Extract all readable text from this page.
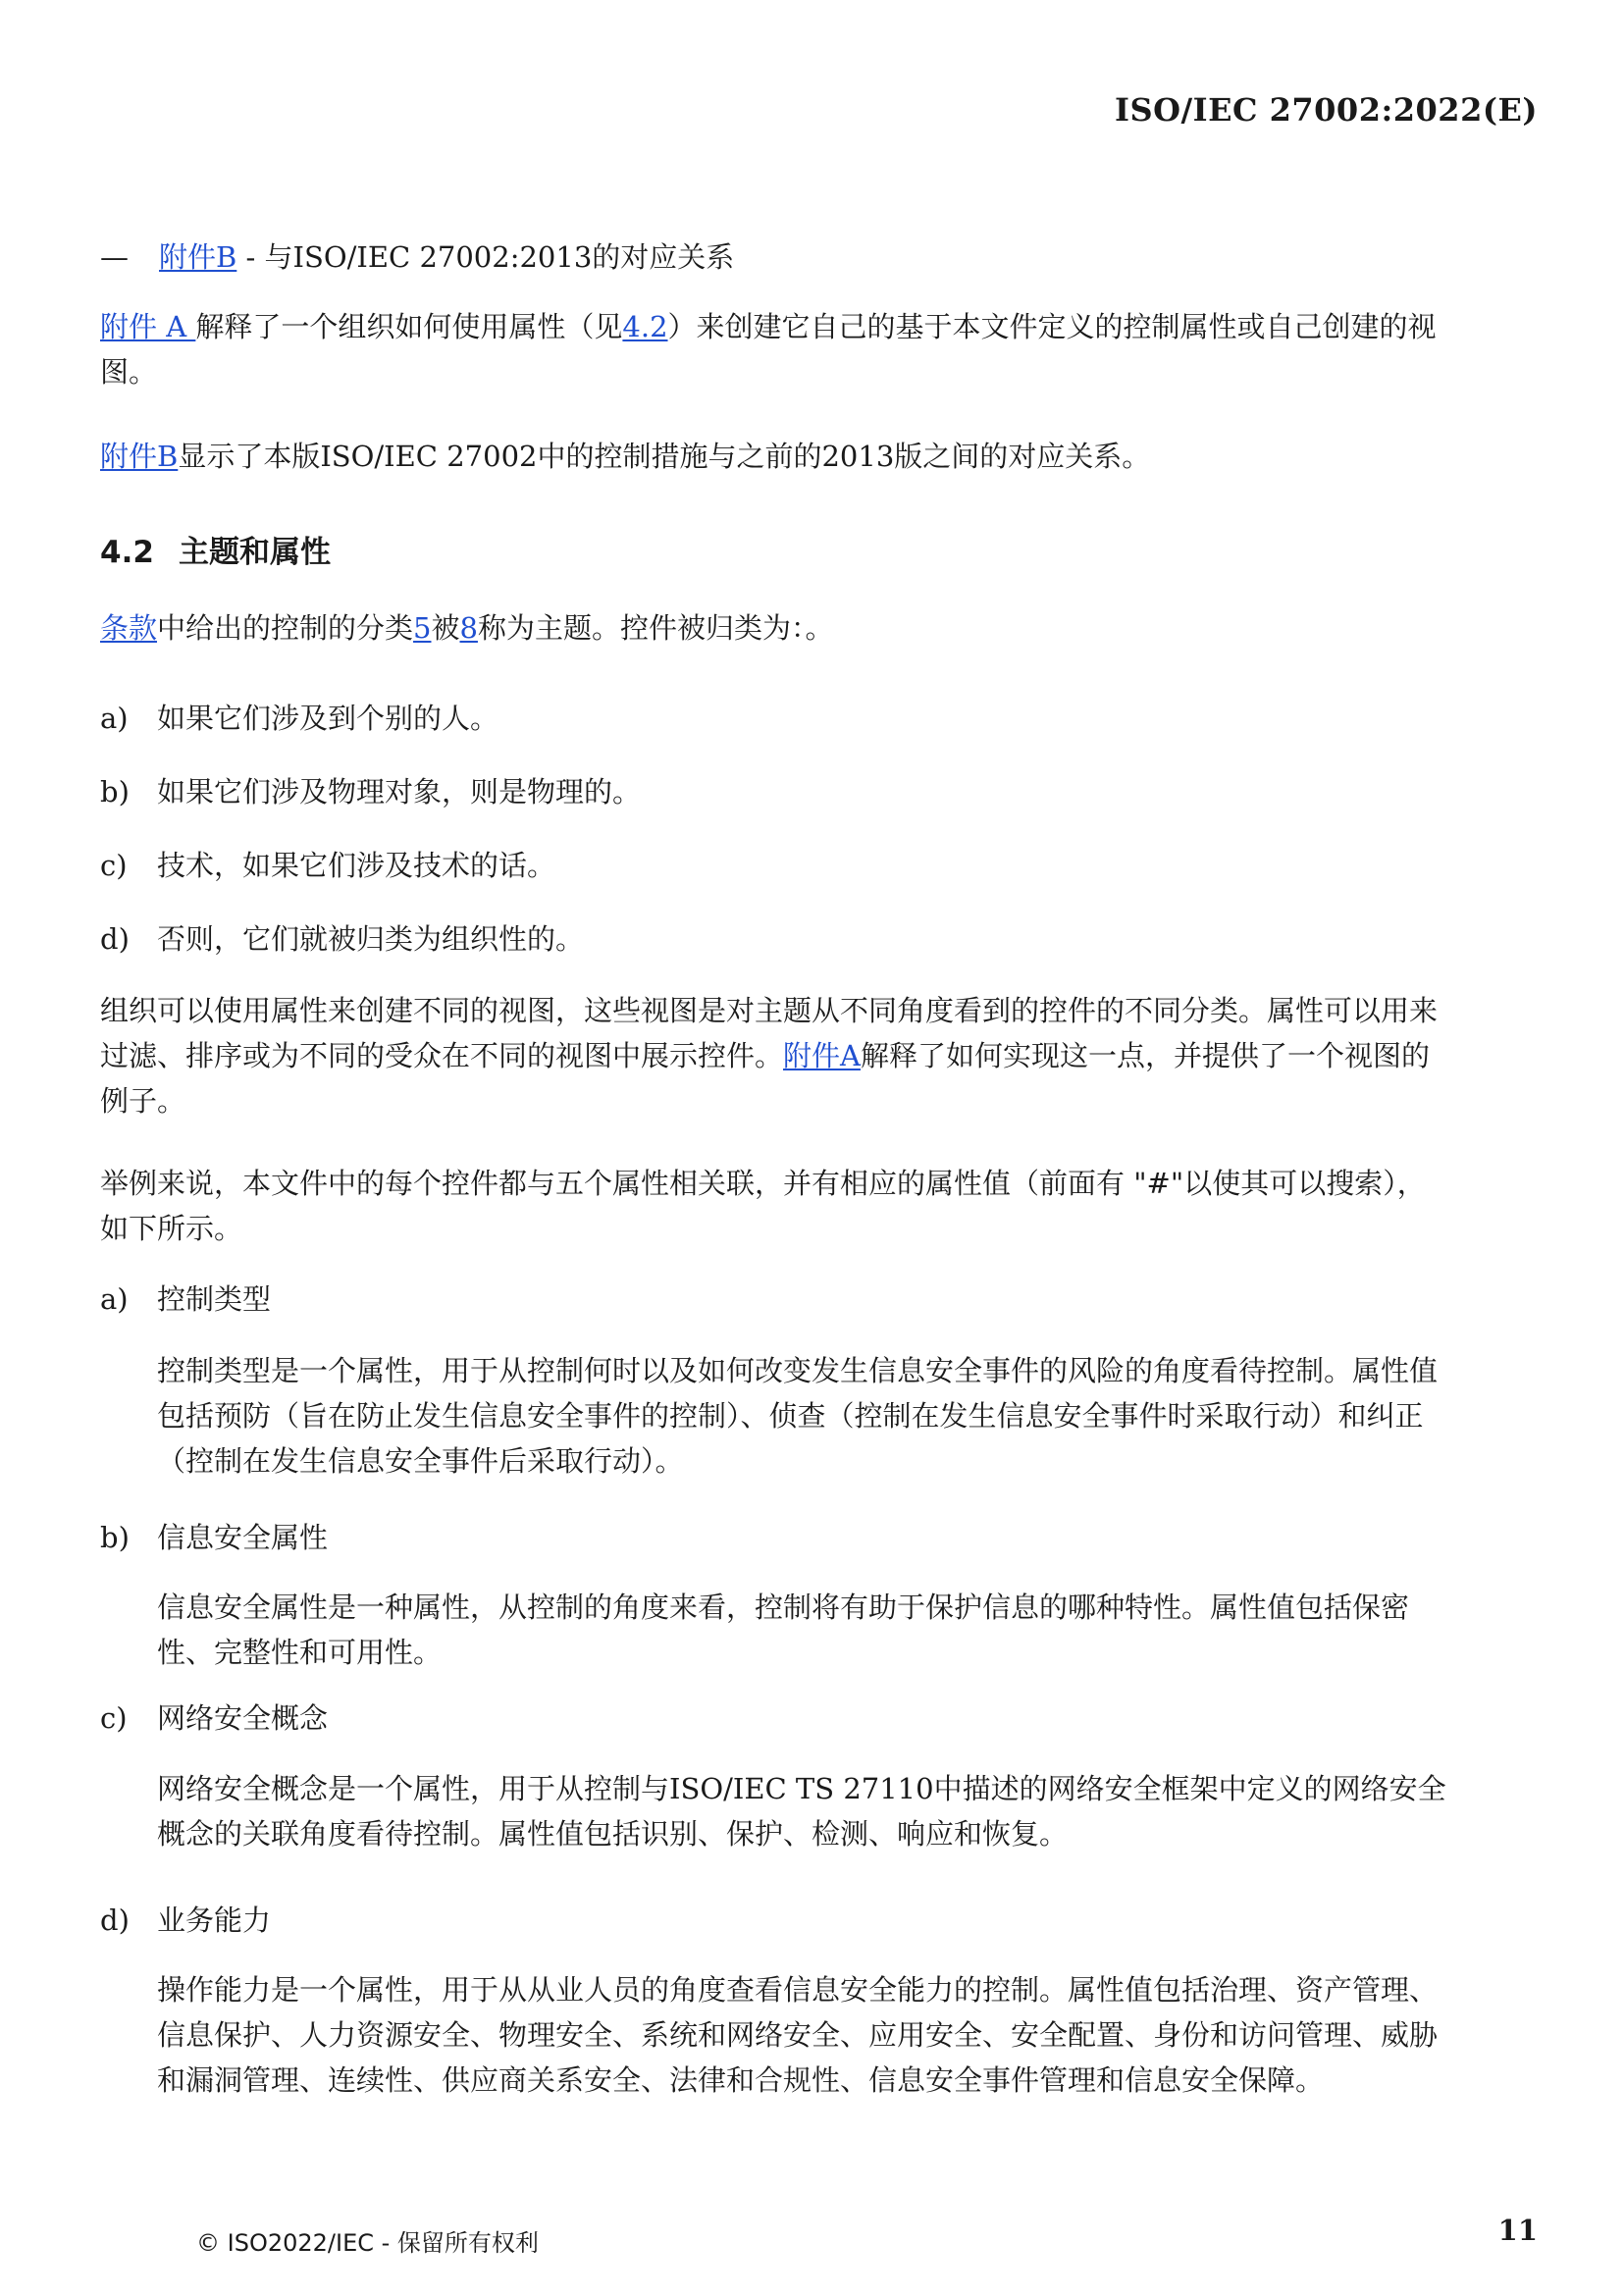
ISO/IEC 27002:2022(E)
— 附件B - 与ISO/IEC 27002:2013的对应关系
附件 A 解释了一个组织如何使用属性（见4.2）来创建它自己的基于本文件定义的控制属性或自己创建的视图。
附件B显示了本版ISO/IEC 27002中的控制措施与之前的2013版之间的对应关系。
4.2 主题和属性
条款中给出的控制的分类5被8称为主题。控件被归类为：。
a) 如果它们涉及到个别的人。
b) 如果它们涉及物理对象，则是物理的。
c) 技术，如果它们涉及技术的话。
d) 否则，它们就被归类为组织性的。
组织可以使用属性来创建不同的视图，这些视图是对主题从不同角度看到的控件的不同分类。属性可以用来过滤、排序或为不同的受众在不同的视图中展示控件。附件A解释了如何实现这一点，并提供了一个视图的例子。
举例来说，本文件中的每个控件都与五个属性相关联，并有相应的属性值（前面有 "#"以使其可以搜索），如下所示。
a) 控制类型
控制类型是一个属性，用于从控制何时以及如何改变发生信息安全事件的风险的角度看待控制。属性值包括预防（旨在防止发生信息安全事件的控制）、侦查（控制在发生信息安全事件时采取行动）和纠正（控制在发生信息安全事件后采取行动）。
b) 信息安全属性
信息安全属性是一种属性，从控制的角度来看，控制将有助于保护信息的哪种特性。属性值包括保密性、完整性和可用性。
c) 网络安全概念
网络安全概念是一个属性，用于从控制与ISO/IEC TS 27110中描述的网络安全框架中定义的网络安全概念的关联角度看待控制。属性值包括识别、保护、检测、响应和恢复。
d) 业务能力
操作能力是一个属性，用于从从业人员的角度查看信息安全能力的控制。属性值包括治理、资产管理、信息保护、人力资源安全、物理安全、系统和网络安全、应用安全、安全配置、身份和访问管理、威胁和漏洞管理、连续性、供应商关系安全、法律和合规性、信息安全事件管理和信息安全保障。
© ISO2022/IEC - 保留所有权利	11
